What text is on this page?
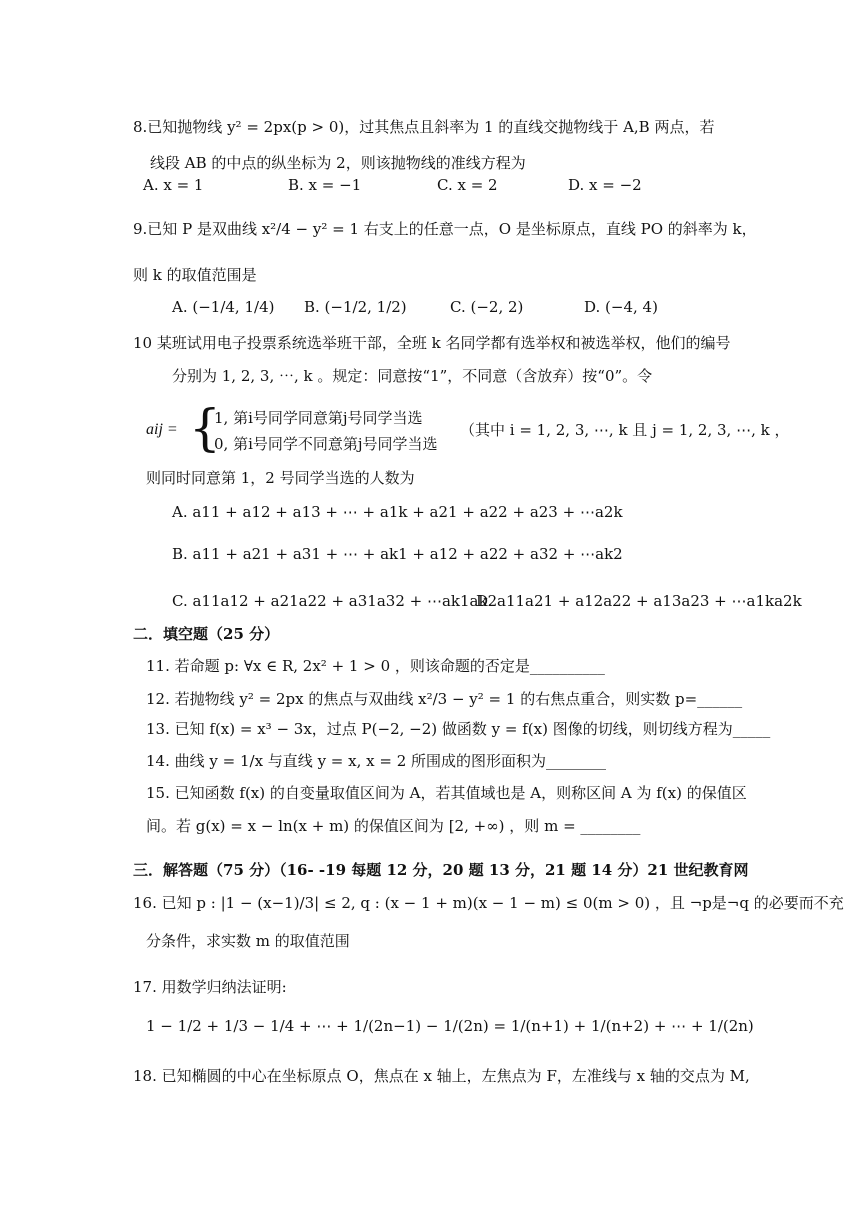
8.已知抛物线 y² = 2px(p > 0)，过其焦点且斜率为 1 的直线交抛物线于 A,B 两点，若
线段 AB 的中点的纵坐标为 2，则该抛物线的准线方程为
A. x = 1	B. x = −1	C. x = 2	D. x = −2
9.已知 P 是双曲线 x²/4 − y² = 1 右支上的任意一点，O 是坐标原点，直线 PO 的斜率为 k，
则 k 的取值范围是
A. (−1/4, 1/4) B. (−1/2, 1/2)	C. (−2, 2)	D. (−4, 4)
10 某班试用电子投票系统选举班干部，全班 k 名同学都有选举权和被选举权，他们的编号
分别为 1, 2, 3, ⋯, k 。规定：同意按“1”，不同意（含放弃）按“0”。令
aij = {
1, 第i号同学同意第j号同学当选
0, 第i号同学不同意第j号同学当选
（其中 i = 1, 2, 3, ⋯, k 且 j = 1, 2, 3, ⋯, k ，
则同时同意第 1，2 号同学当选的人数为
A. a11 + a12 + a13 + ⋯ + a1k + a21 + a22 + a23 + ⋯a2k
B. a11 + a21 + a31 + ⋯ + ak1 + a12 + a22 + a32 + ⋯ak2
C. a11a12 + a21a22 + a31a32 + ⋯ak1ak2
D. a11a21 + a12a22 + a13a23 + ⋯a1ka2k
二．填空题（25 分）
11. 若命题 p: ∀x ∈ R, 2x² + 1 > 0 ，则该命题的否定是__________
12. 若抛物线 y² = 2px 的焦点与双曲线 x²/3 − y² = 1 的右焦点重合，则实数 p=______
13. 已知 f(x) = x³ − 3x，过点 P(−2, −2) 做函数 y = f(x) 图像的切线，则切线方程为_____
14. 曲线 y = 1/x 与直线 y = x, x = 2 所围成的图形面积为________
15. 已知函数 f(x) 的自变量取值区间为 A，若其值域也是 A，则称区间 A 为 f(x) 的保值区
间。若 g(x) = x − ln(x + m) 的保值区间为 [2, +∞) ，则 m = ________
三．解答题（75 分）（16- -19 每题 12 分，20 题 13 分，21 题 14 分）21 世纪教育网
16. 已知 p : |1 − (x−1)/3| ≤ 2, q : (x − 1 + m)(x − 1 − m) ≤ 0(m > 0) ，且 ¬p是¬q 的必要而不充
分条件，求实数 m 的取值范围
17. 用数学归纳法证明:
1 − 1/2 + 1/3 − 1/4 + ⋯ + 1/(2n−1) − 1/(2n) = 1/(n+1) + 1/(n+2) + ⋯ + 1/(2n)
18. 已知椭圆的中心在坐标原点 O，焦点在 x 轴上，左焦点为 F，左准线与 x 轴的交点为 M,
